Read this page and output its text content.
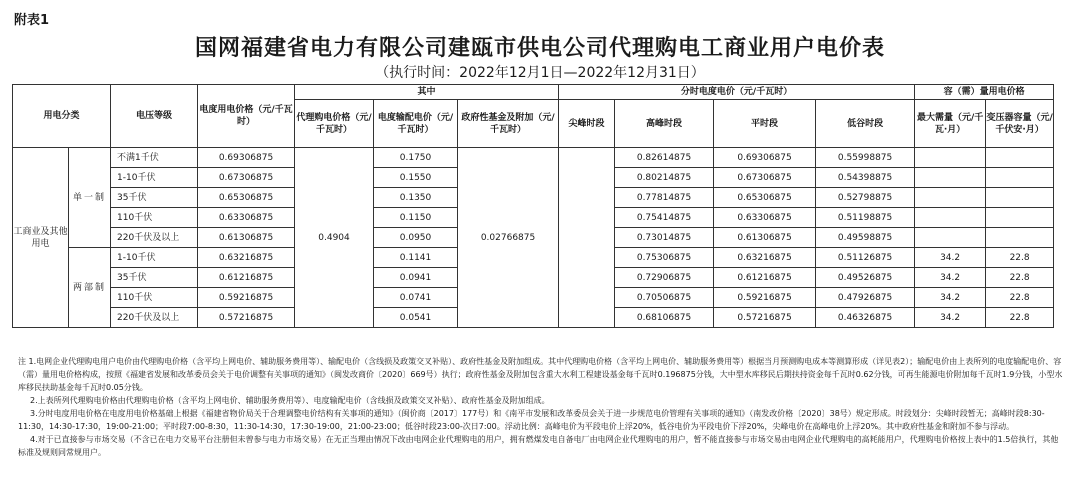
附表1
国网福建省电力有限公司建瓯市供电公司代理购电工商业用户电价表
（执行时间：2022年12月1日—2022年12月31日）
用电分类		电压等级	电度用电价格（元/千瓦时）	其中			分时电度电价（元/千瓦时）				容（需）量用电价格	
				代理购电价格（元/千瓦时）	电度输配电价（元/千瓦时）	政府性基金及附加（元/千瓦时）	尖峰时段	高峰时段	平时段	低谷时段	最大需量（元/千瓦·月）	变压器容量（元/千伏安·月）
工商业及其他用电	单一制	不满1千伏	0.69306875	0.4904	0.1750	0.02766875		0.82614875	0.69306875	0.55998875		
		1-10千伏	0.67306875		0.1550			0.80214875	0.67306875	0.54398875		
		35千伏	0.65306875		0.1350			0.77814875	0.65306875	0.52798875		
		110千伏	0.63306875		0.1150			0.75414875	0.63306875	0.51198875		
		220千伏及以上	0.61306875		0.0950			0.73014875	0.61306875	0.49598875		
	两部制	1-10千伏	0.63216875		0.1141			0.75306875	0.63216875	0.51126875	34.2	22.8
		35千伏	0.61216875		0.0941			0.72906875	0.61216875	0.49526875	34.2	22.8
		110千伏	0.59216875		0.0741			0.70506875	0.59216875	0.47926875	34.2	22.8
		220千伏及以上	0.57216875		0.0541			0.68106875	0.57216875	0.46326875	34.2	22.8

注 1.电网企业代理购电用户电价由代理购电价格（含平均上网电价、辅助服务费用等）、输配电价（含线损及政策交叉补贴）、政府性基金及附加组成。其中代理购电价格（含平均上网电价、辅助服务费用等）根据当月预测购电成本等测算形成（详见表2）；输配电价由上表所列的电度输配电价、容（需）量用电价格构成，按照《福建省发展和改革委员会关于电价调整有关事项的通知》（闽发改商价〔2020〕669号）执行；政府性基金及附加包含重大水利工程建设基金每千瓦时0.196875分钱，大中型水库移民后期扶持资金每千瓦时0.62分钱，可再生能源电价附加每千瓦时1.9分钱，小型水库移民扶助基金每千瓦时0.05分钱。

2.上表所列代理购电价格由代理购电价格（含平均上网电价、辅助服务费用等）、电度输配电价（含线损及政策交叉补贴）、政府性基金及附加组成。

3.分时电度用电价格在电度用电价格基础上根据《福建省物价局关于合理调整电价结构有关事项的通知》（闽价商〔2017〕177号）和《南平市发展和改革委员会关于进一步规范电价管理有关事项的通知》（南发改价格〔2020〕38号）规定形成。时段划分：尖峰时段暂无；高峰时段8:30-11:30，14:30-17:30，19:00-21:00；平时段7:00-8:30，11:30-14:30，17:30-19:00，21:00-23:00；低谷时段23:00-次日7:00。浮动比例：高峰电价为平段电价上浮20%，低谷电价为平段电价下浮20%，尖峰电价在高峰电价上浮20%。其中政府性基金和附加不参与浮动。

4.对于已直接参与市场交易（不含已在电力交易平台注册但未曾参与电力市场交易）在无正当理由情况下改由电网企业代理购电的用户，拥有燃煤发电自备电厂由电网企业代理购电的用户，暂不能直接参与市场交易由电网企业代理购电的高耗能用户，代理购电价格按上表中的1.5倍执行，其他标准及规则同常规用户。
